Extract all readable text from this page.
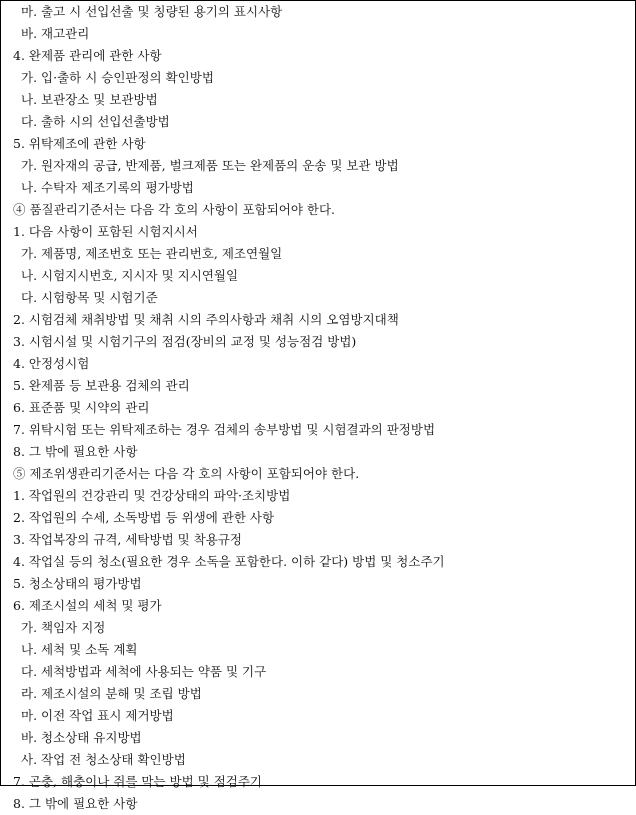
마. 출고 시 선입선출 및 칭량된 용기의 표시사항
바. 재고관리
4. 완제품 관리에 관한 사항
가. 입·출하 시 승인판정의 확인방법
나. 보관장소 및 보관방법
다. 출하 시의 선입선출방법
5. 위탁제조에 관한 사항
가. 원자재의 공급, 반제품, 벌크제품 또는 완제품의 운송 및 보관 방법
나. 수탁자 제조기록의 평가방법
④ 품질관리기준서는 다음 각 호의 사항이 포함되어야 한다.
1. 다음 사항이 포함된 시험지시서
가. 제품명, 제조번호 또는 관리번호, 제조연월일
나. 시험지시번호, 지시자 및 지시연월일
다. 시험항목 및 시험기준
2. 시험검체 채취방법 및 채취 시의 주의사항과 채취 시의 오염방지대책
3. 시험시설 및 시험기구의 점검(장비의 교정 및 성능점검 방법)
4. 안정성시험
5. 완제품 등 보관용 검체의 관리
6. 표준품 및 시약의 관리
7. 위탁시험 또는 위탁제조하는 경우 검체의 송부방법 및 시험결과의 판정방법
8. 그 밖에 필요한 사항
⑤ 제조위생관리기준서는 다음 각 호의 사항이 포함되어야 한다.
1. 작업원의 건강관리 및 건강상태의 파악·조치방법
2. 작업원의 수세, 소독방법 등 위생에 관한 사항
3. 작업복장의 규격, 세탁방법 및 착용규정
4. 작업실 등의 청소(필요한 경우 소독을 포함한다. 이하 같다) 방법 및 청소주기
5. 청소상태의 평가방법
6. 제조시설의 세척 및 평가
가. 책임자 지정
나. 세척 및 소독 계획
다. 세척방법과 세척에 사용되는 약품 및 기구
라. 제조시설의 분해 및 조립 방법
마. 이전 작업 표시 제거방법
바. 청소상태 유지방법
사. 작업 전 청소상태 확인방법
7. 곤충, 해충이나 쥐를 막는 방법 및 점검주기
8. 그 밖에 필요한 사항
